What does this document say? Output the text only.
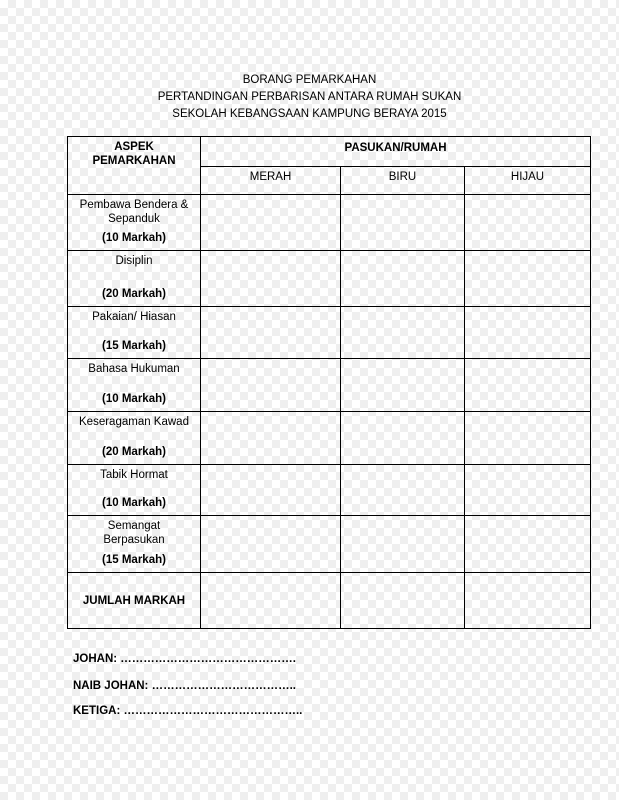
BORANG PEMARKAHAN
PERTANDINGAN PERBARISAN ANTARA RUMAH SUKAN
SEKOLAH KEBANGSAAN KAMPUNG BERAYA 2015
ASPEK
PEMARKAHAN	PASUKAN/RUMAH		
	MERAH	BIRU	HIJAU

Pembawa Bendera &
Sepanduk
(10 Markah)			

Disiplin
(20 Markah)			

Pakaian/ Hiasan
(15 Markah)			

Bahasa Hukuman
(10 Markah)			

Keseragaman Kawad
(20 Markah)			

Tabik Hormat
(10 Markah)			

Semangat
Berpasukan
(15 Markah)			

JUMLAH MARKAH			
JOHAN: ……………………………………….
NAIB JOHAN: ………………………………..
KETIGA: ………………………………………..
